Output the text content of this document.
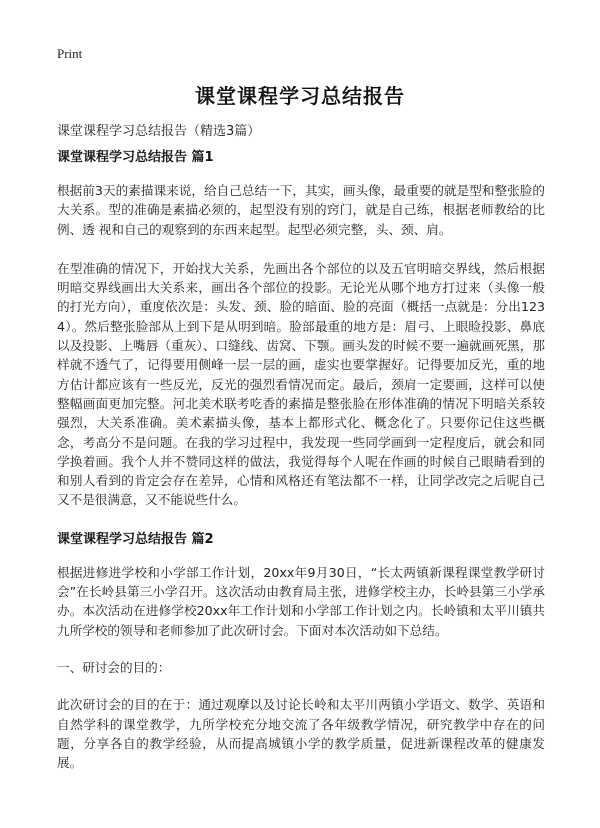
Print
课堂课程学习总结报告
课堂课程学习总结报告（精选3篇）
课堂课程学习总结报告 篇1

根据前3天的素描课来说，给自己总结一下，其实，画头像，最重要的就是型和整张脸的大关系。型的准确是素描必须的，起型没有别的窍门，就是自己练，根据老师教给的比例、透 视和自己的观察到的东西来起型。起型必须完整，头、颈、肩。

在型准确的情况下，开始找大关系，先画出各个部位的以及五官明暗交界线，然后根据明暗交界线画出大关系来，画出各个部位的投影。无论光从哪个地方打过来（头像一般的打光方向），重度依次是：头发、颈、脸的暗面、脸的亮面（概括一点就是：分出1234）。然后整张脸部从上到下是从明到暗。脸部最重的地方是：眉弓、上眼睑投影、鼻底以及投影、上嘴唇（重灰）、口缝线、齿窝、下颚。画头发的时候不要一遍就画死黑，那样就不透气了，记得要用侧峰一层一层的画，虚实也要掌握好。记得要加反光，重的地方估计都应该有一些反光，反光的强烈看情况而定。最后，颈肩一定要画，这样可以使整幅画面更加完整。河北美术联考吃香的素描是整张脸在形体准确的情况下明暗关系较强烈，大关系准确。美术素描头像，基本上都形式化、概念化了。只要你记住这些概念，考高分不是问题。在我的学习过程中，我发现一些同学画到一定程度后，就会和同学换着画。我个人并不赞同这样的做法，我觉得每个人呢在作画的时候自己眼睛看到的和别人看到的肯定会存在差异，心情和风格还有笔法都不一样，让同学改完之后呢自己又不是很满意，又不能说些什么。

课堂课程学习总结报告 篇2

根据进修进学校和小学部工作计划，20xx年9月30日，“长太两镇新课程课堂教学研讨会”在长岭县第三小学召开。这次活动由教育局主张，进修学校主办，长岭县第三小学承办。本次活动在进修学校20xx年工作计划和小学部工作计划之内。长岭镇和太平川镇共九所学校的领导和老师参加了此次研讨会。下面对本次活动如下总结。

一、研讨会的目的：

此次研讨会的目的在于：通过观摩以及讨论长岭和太平川两镇小学语文、数学、英语和自然学科的课堂教学，九所学校充分地交流了各年级教学情况，研究教学中存在的问题，分享各自的教学经验，从而提高城镇小学的教学质量，促进新课程改革的健康发展。
